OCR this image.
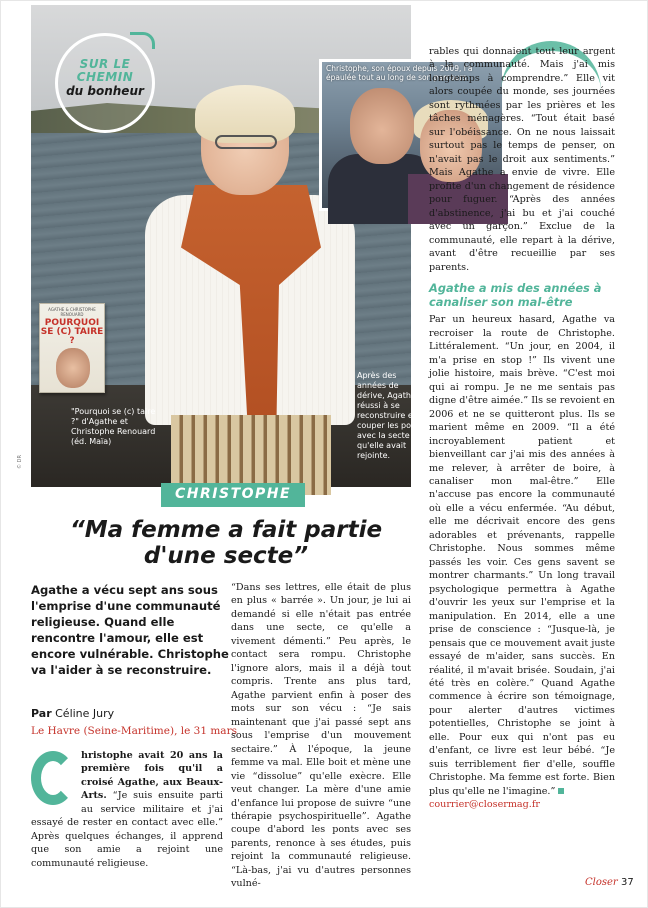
"Pourquoi se (c) taire ?" d'Agathe et Christophe Renouard (éd. Maïa)
Après des années de dérive, Agathe a réussi à se reconstruire et à couper les ponts avec la secte qu'elle avait rejointe.
SUR LE CHEMIN
du bonheur
Christophe, son époux depuis 2009, l'a épaulée tout au long de son parcours.
AGATHE & CHRISTOPHE RENOUARD
POURQUOI SE (C) TAIRE ?
© DR
CHRISTOPHE
“Ma femme a fait partie d'une secte”
Agathe a vécu sept ans sous l'emprise d'une communauté religieuse. Quand elle rencontre l'amour, elle est encore vulnérable. Christophe va l'aider à se reconstruire.
Par Céline Jury
Le Havre (Seine-Maritime), le 31 mars

hristophe avait 20 ans la première fois qu'il a croisé Agathe, aux Beaux-Arts. “Je suis ensuite parti au service militaire et j'ai essayé de rester en contact avec elle.” Après quelques échanges, il apprend que son amie a rejoint une communauté religieuse.

“Dans ses lettres, elle était de plus en plus « barrée ». Un jour, je lui ai demandé si elle n'était pas entrée dans une secte, ce qu'elle a vivement démenti.” Peu après, le contact sera rompu. Christophe l'ignore alors, mais il a déjà tout compris. Trente ans plus tard, Agathe parvient enfin à poser des mots sur son vécu : “Je sais maintenant que j'ai passé sept ans sous l'emprise d'un mouvement sectaire.” À l'époque, la jeune femme va mal. Elle boit et mène une vie “dissolue” qu'elle exècre. Elle veut changer. La mère d'une amie d'enfance lui propose de suivre “une thérapie psychospirituelle”. Agathe coupe d'abord les ponts avec ses parents, renonce à ses études, puis rejoint la communauté religieuse. “Là-bas, j'ai vu d'autres personnes vulné-

rables qui donnaient tout leur argent à la communauté. Mais j'ai mis longtemps à comprendre.” Elle vit alors coupée du monde, ses journées sont rythmées par les prières et les tâches ménagères. “Tout était basé sur l'obéissance. On ne nous laissait surtout pas le temps de penser, on n'avait pas le droit aux sentiments.” Mais Agathe a envie de vivre. Elle profite d'un changement de résidence pour fuguer. “Après des années d'abstinence, j'ai bu et j'ai couché avec un garçon.” Exclue de la communauté, elle repart à la dérive, avant d'être recueillie par ses parents.

Agathe a mis des années à canaliser son mal-être

Par un heureux hasard, Agathe va recroiser la route de Christophe. Littéralement. “Un jour, en 2004, il m'a prise en stop !” Ils vivent une jolie histoire, mais brève. “C'est moi qui ai rompu. Je ne me sentais pas digne d'être aimée.” Ils se revoient en 2006 et ne se quitteront plus. Ils se marient même en 2009. “Il a été incroyablement patient et bienveillant car j'ai mis des années à me relever, à arrêter de boire, à canaliser mon mal-être.” Elle n'accuse pas encore la communauté où elle a vécu enfermée. “Au début, elle me décrivait encore des gens adorables et prévenants, rappelle Christophe. Nous sommes même passés les voir. Ces gens savent se montrer charmants.” Un long travail psychologique permettra à Agathe d'ouvrir les yeux sur l'emprise et la manipulation. En 2014, elle a une prise de conscience : “Jusque-là, je pensais que ce mouvement avait juste essayé de m'aider, sans succès. En réalité, il m'avait brisée. Soudain, j'ai été très en colère.” Quand Agathe commence à écrire son témoignage, pour alerter d'autres victimes potentielles, Christophe se joint à elle. Pour eux qui n'ont pas eu d'enfant, ce livre est leur bébé. “Je suis terriblement fier d'elle, souffle Christophe. Ma femme est forte. Bien plus qu'elle ne l'imagine.”
courrier@closermag.fr

Closer 37
